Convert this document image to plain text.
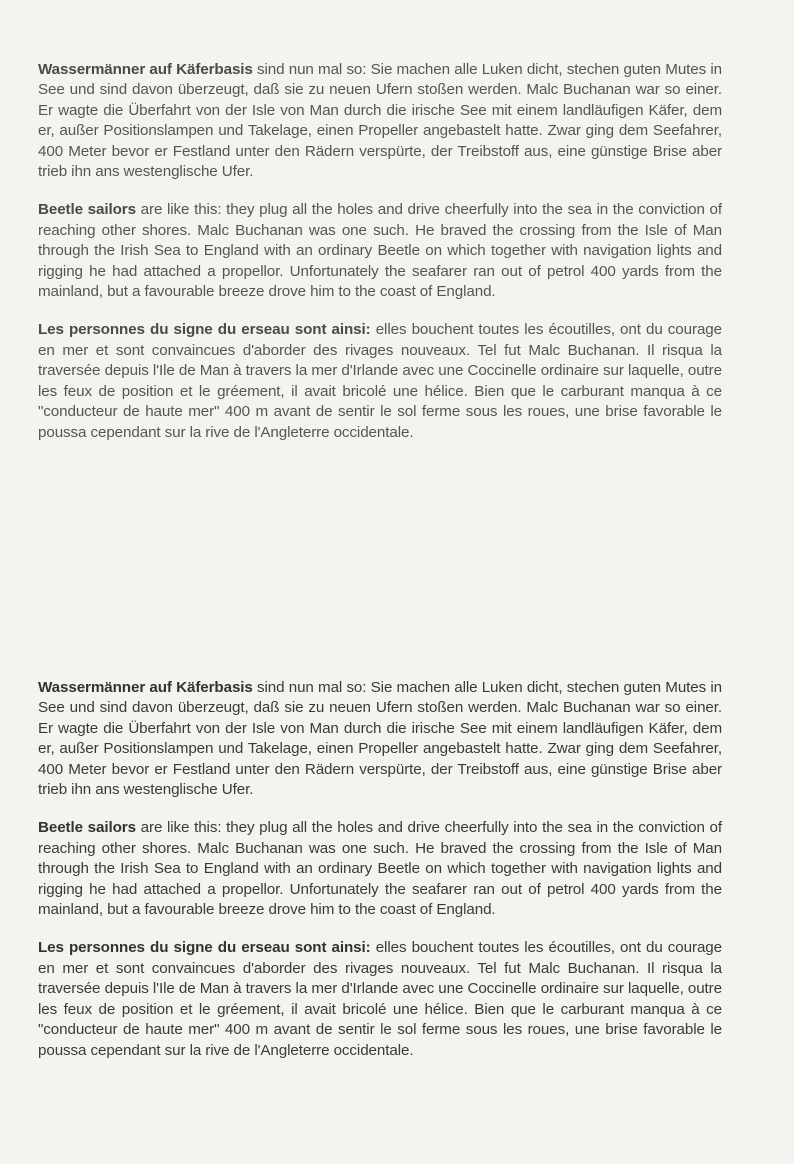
Wassermänner auf Käferbasis sind nun mal so: Sie machen alle Luken dicht, stechen guten Mutes in See und sind davon überzeugt, daß sie zu neuen Ufern stoßen werden. Malc Buchanan war so einer. Er wagte die Überfahrt von der Isle von Man durch die irische See mit einem landläufigen Käfer, dem er, außer Positionslampen und Takelage, einen Propeller angebastelt hatte. Zwar ging dem Seefahrer, 400 Meter bevor er Festland unter den Rädern verspürte, der Treibstoff aus, eine günstige Brise aber trieb ihn ans westenglische Ufer.

Beetle sailors are like this: they plug all the holes and drive cheerfully into the sea in the conviction of reaching other shores. Malc Buchanan was one such. He braved the crossing from the Isle of Man through the Irish Sea to England with an ordinary Beetle on which together with navigation lights and rigging he had attached a propellor. Unfortunately the seafarer ran out of petrol 400 yards from the mainland, but a favourable breeze drove him to the coast of England.

Les personnes du signe du erseau sont ainsi: elles bouchent toutes les écoutilles, ont du courage en mer et sont convaincues d'aborder des rivages nouveaux. Tel fut Malc Buchanan. Il risqua la traversée depuis l'Ile de Man à travers la mer d'Irlande avec une Coccinelle ordinaire sur laquelle, outre les feux de position et le gréement, il avait bricolé une hélice. Bien que le carburant manqua à ce "conducteur de haute mer" 400 m avant de sentir le sol ferme sous les roues, une brise favorable le poussa cependant sur la rive de l'Angleterre occidentale.

Wassermänner auf Käferbasis sind nun mal so: Sie machen alle Luken dicht, stechen guten Mutes in See und sind davon überzeugt, daß sie zu neuen Ufern stoßen werden. Malc Buchanan war so einer. Er wagte die Überfahrt von der Isle von Man durch die irische See mit einem landläufigen Käfer, dem er, außer Positionslampen und Takelage, einen Propeller angebastelt hatte. Zwar ging dem Seefahrer, 400 Meter bevor er Festland unter den Rädern verspürte, der Treibstoff aus, eine günstige Brise aber trieb ihn ans westenglische Ufer.

Beetle sailors are like this: they plug all the holes and drive cheerfully into the sea in the conviction of reaching other shores. Malc Buchanan was one such. He braved the crossing from the Isle of Man through the Irish Sea to England with an ordinary Beetle on which together with navigation lights and rigging he had attached a propellor. Unfortunately the seafarer ran out of petrol 400 yards from the mainland, but a favourable breeze drove him to the coast of England.

Les personnes du signe du erseau sont ainsi: elles bouchent toutes les écoutilles, ont du courage en mer et sont convaincues d'aborder des rivages nouveaux. Tel fut Malc Buchanan. Il risqua la traversée depuis l'Ile de Man à travers la mer d'Irlande avec une Coccinelle ordinaire sur laquelle, outre les feux de position et le gréement, il avait bricolé une hélice. Bien que le carburant manqua à ce "conducteur de haute mer" 400 m avant de sentir le sol ferme sous les roues, une brise favorable le poussa cependant sur la rive de l'Angleterre occidentale.
